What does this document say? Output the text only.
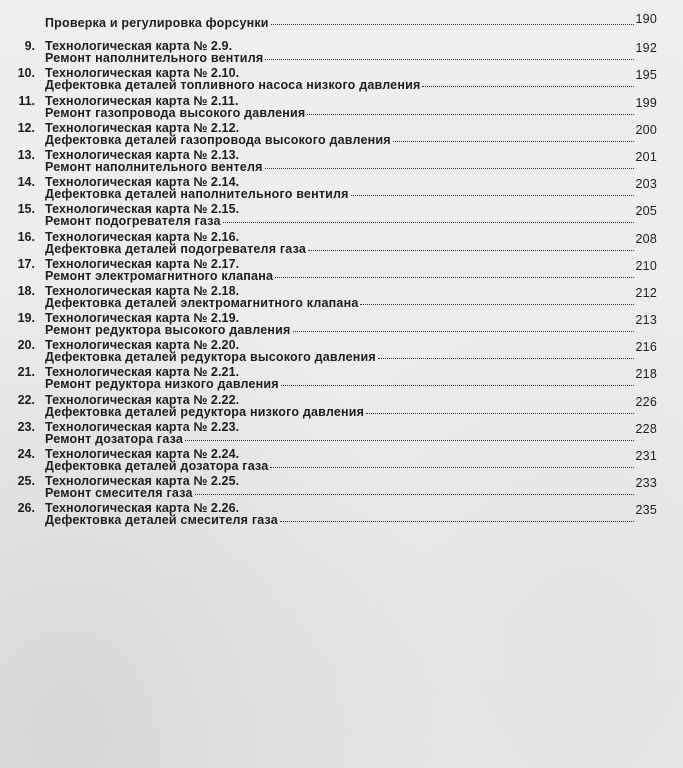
Проверка и регулировка форсунки	190
9. Технологическая карта № 2.9.
Ремонт наполнительного вентиля
192
10. Технологическая карта № 2.10.
Дефектовка деталей топливного насоса низкого давления
195
11. Технологическая карта № 2.11.
Ремонт газопровода высокого давления
199
12. Технологическая карта № 2.12.
Дефектовка деталей газопровода высокого давления
200
13. Технологическая карта № 2.13.
Ремонт наполнительного вентеля
201
14. Технологическая карта № 2.14.
Дефектовка деталей наполнительного вентиля
203
15. Технологическая карта № 2.15.
Ремонт подогревателя газа
205
16. Технологическая карта № 2.16.
Дефектовка деталей подогревателя газа
208
17. Технологическая карта № 2.17.
Ремонт электромагнитного клапана
210
18. Технологическая карта № 2.18.
Дефектовка деталей электромагнитного клапана
212
19. Технологическая карта № 2.19.
Ремонт редуктора высокого давления
213
20. Технологическая карта № 2.20.
Дефектовка деталей редуктора высокого давления
216
21. Технологическая карта № 2.21.
Ремонт редуктора низкого давления
218
22. Технологическая карта № 2.22.
Дефектовка деталей редуктора низкого давления
226
23. Технологическая карта № 2.23.
Ремонт дозатора газа
228
24. Технологическая карта № 2.24.
Дефектовка деталей дозатора газа
231
25. Технологическая карта № 2.25.
Ремонт смесителя газа
233
26. Технологическая карта № 2.26.
Дефектовка деталей смесителя газа
235
